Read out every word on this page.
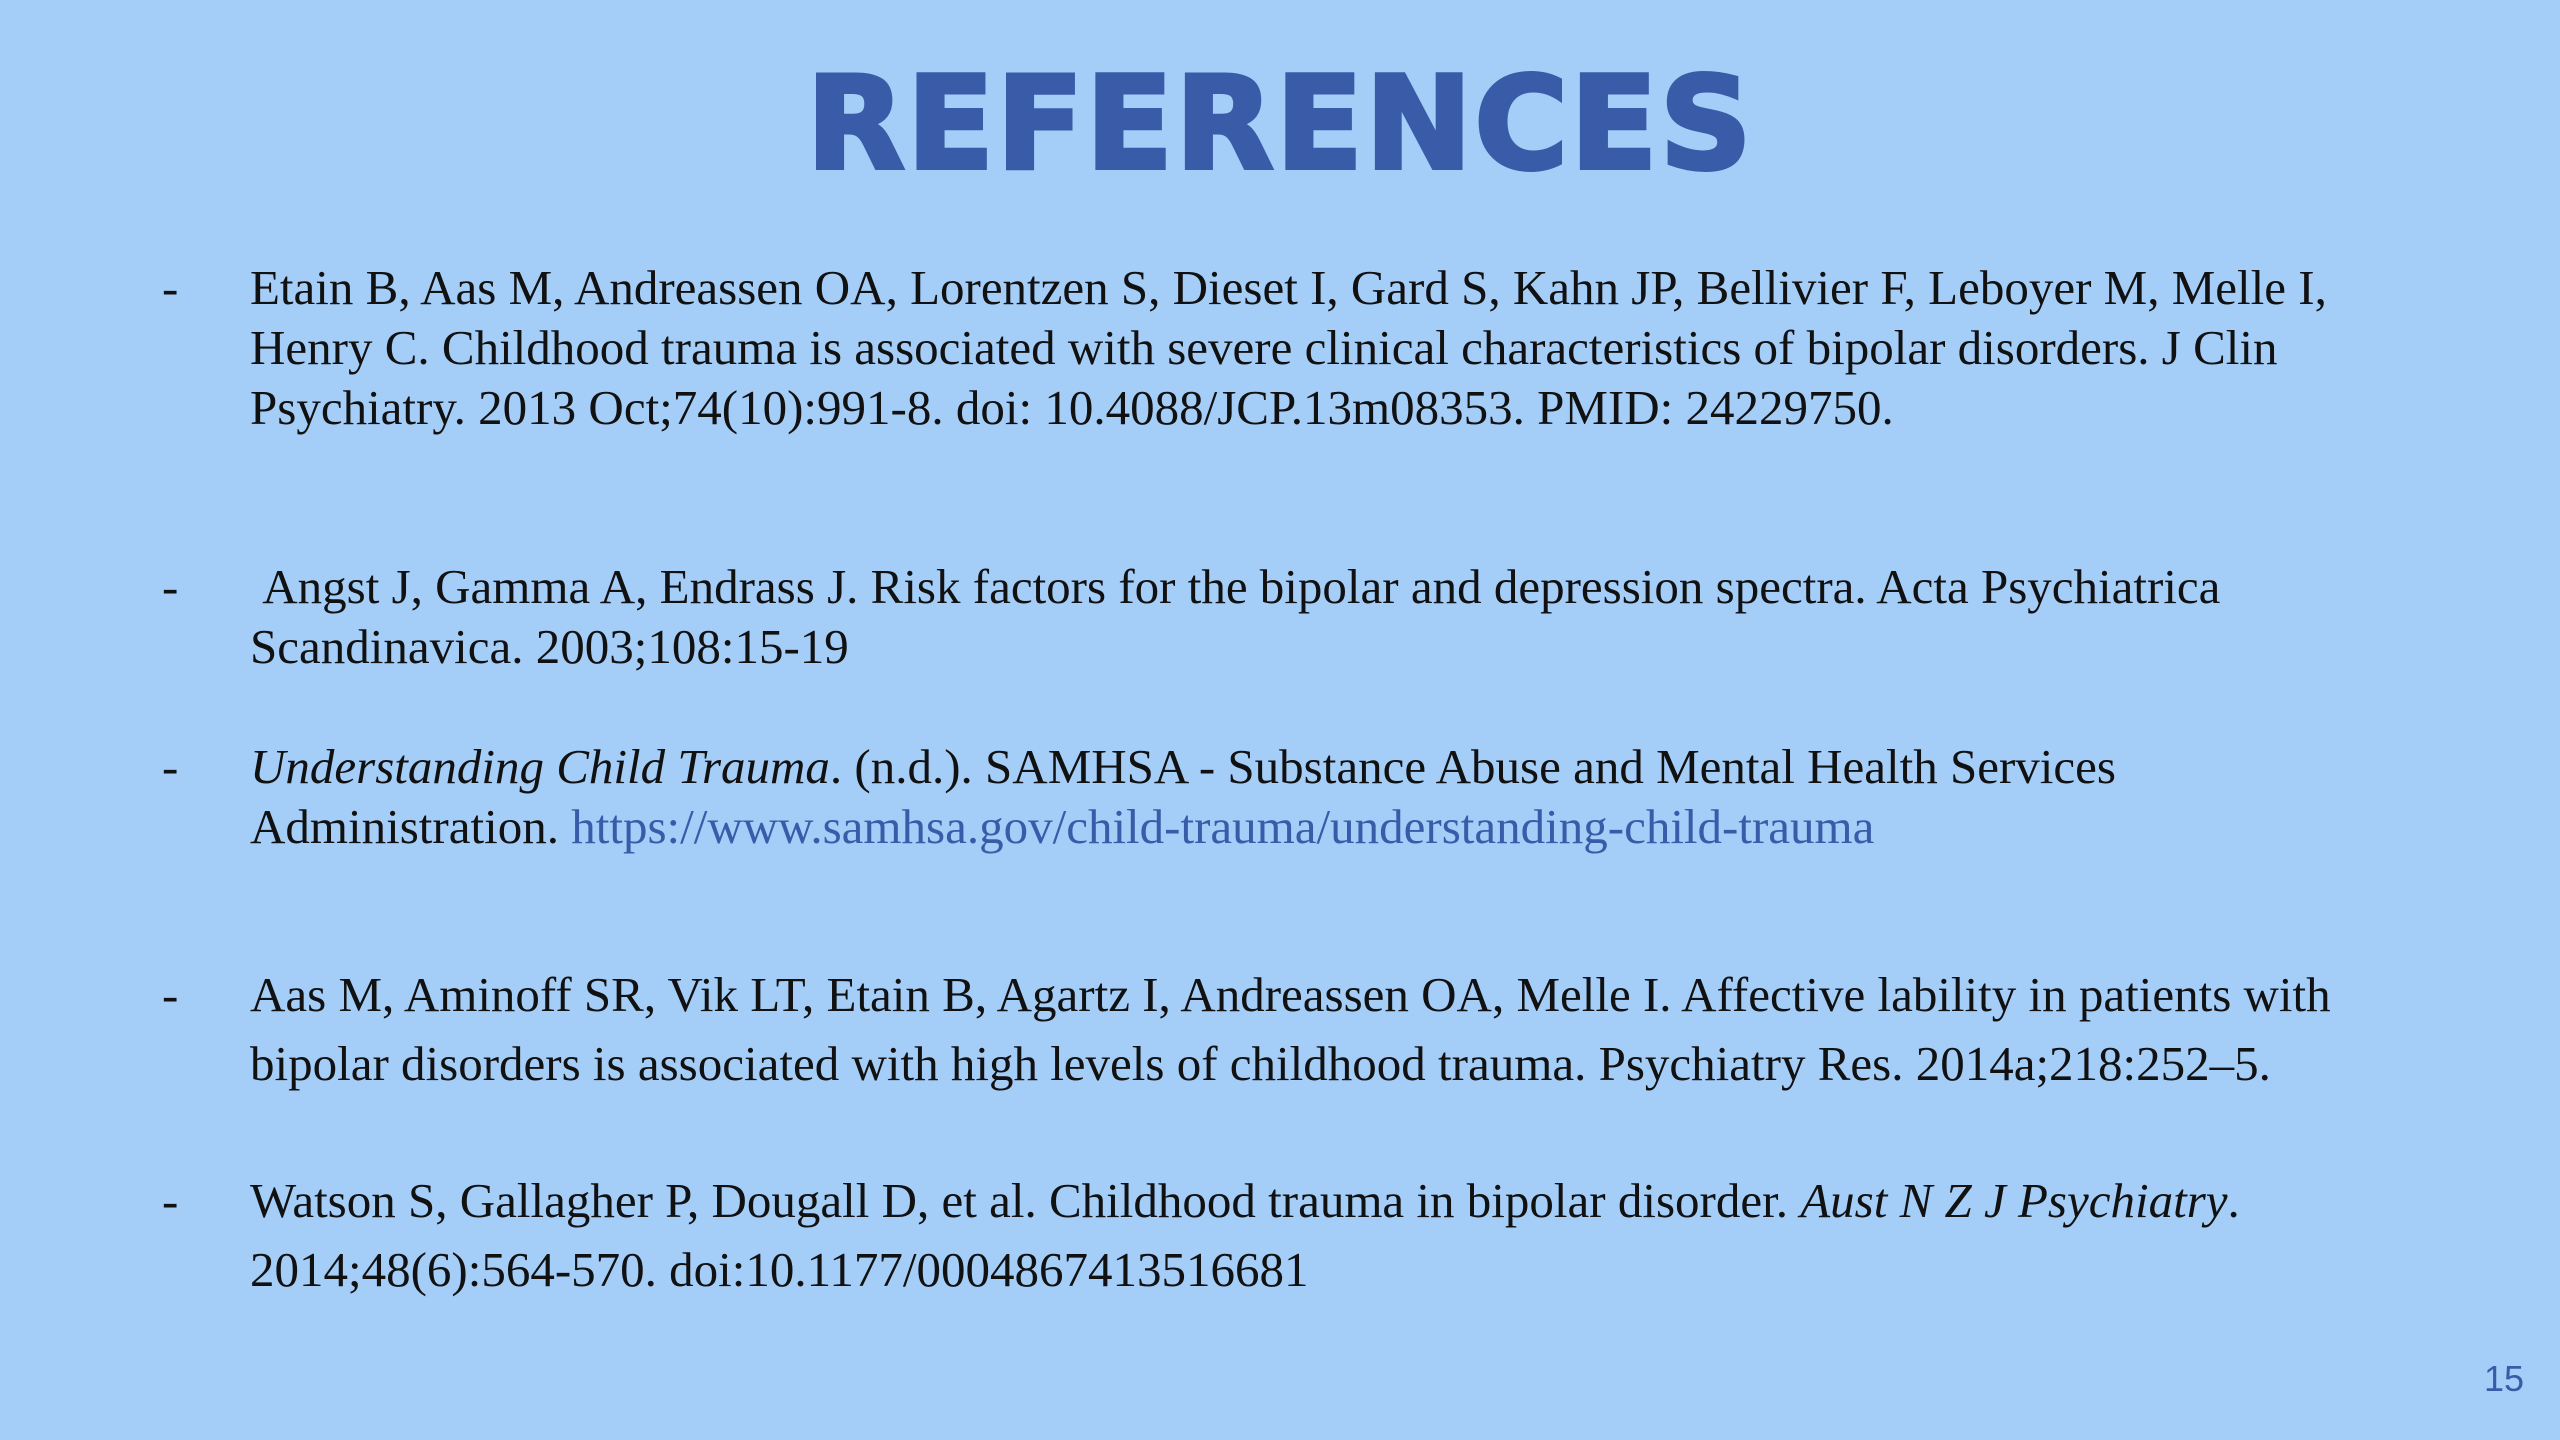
REFERENCES
-	Etain B, Aas M, Andreassen OA, Lorentzen S, Dieset I, Gard S, Kahn JP, Bellivier F, Leboyer M, Melle I, Henry C. Childhood trauma is associated with severe clinical characteristics of bipolar disorders. J Clin Psychiatry. 2013 Oct;74(10):991-8. doi: 10.4088/JCP.13m08353. PMID: 24229750.
-	Angst J, Gamma A, Endrass J. Risk factors for the bipolar and depression spectra. Acta Psychiatrica Scandinavica. 2003;108:15-19
-	Understanding Child Trauma. (n.d.). SAMHSA - Substance Abuse and Mental Health Services Administration. https://www.samhsa.gov/child-trauma/understanding-child-trauma
-	Aas M, Aminoff SR, Vik LT, Etain B, Agartz I, Andreassen OA, Melle I. Affective lability in patients with bipolar disorders is associated with high levels of childhood trauma. Psychiatry Res. 2014a;218:252–5.
-	Watson S, Gallagher P, Dougall D, et al. Childhood trauma in bipolar disorder. Aust N Z J Psychiatry. 2014;48(6):564-570. doi:10.1177/0004867413516681
15
